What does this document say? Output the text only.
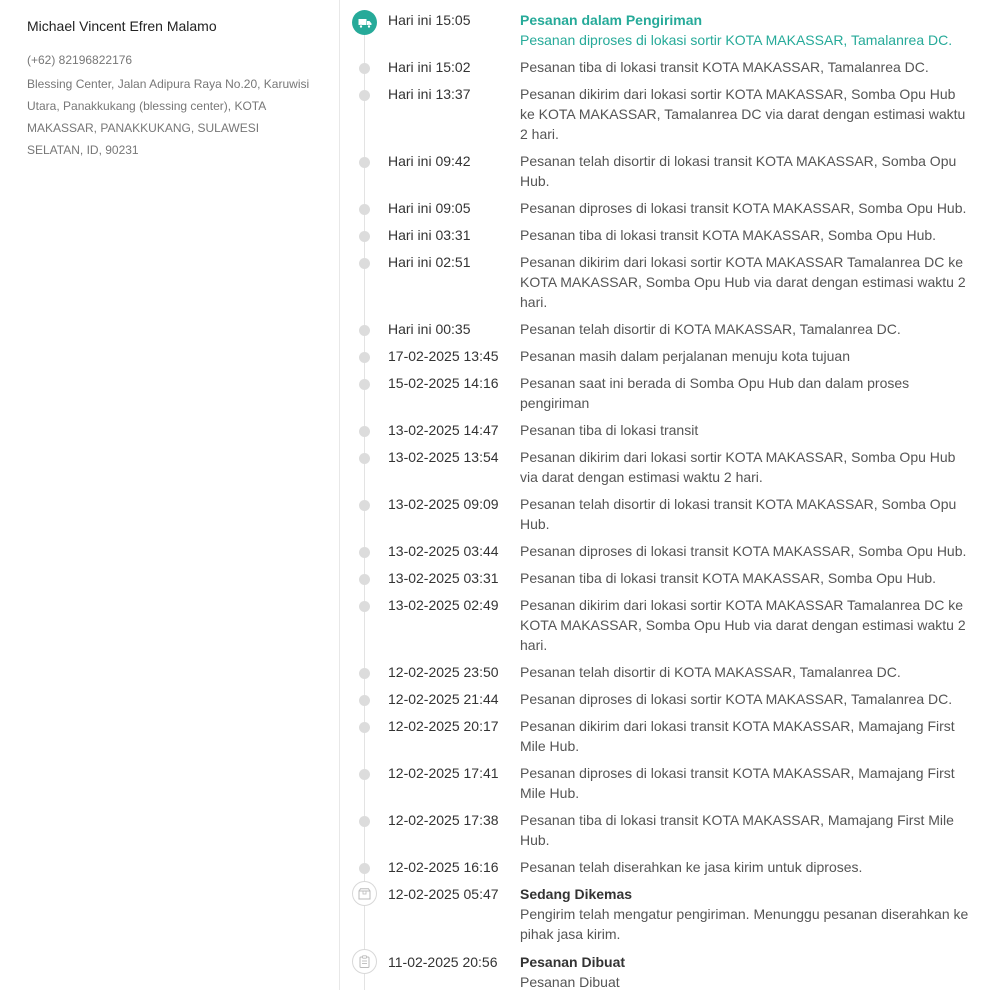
Michael Vincent Efren Malamo
(+62) 82196822176
Blessing Center, Jalan Adipura Raya No.20, Karuwisi Utara, Panakkukang (blessing center), KOTA MAKASSAR, PANAKKUKANG, SULAWESI SELATAN, ID, 90231
Hari ini 15:05	Pesanan dalam Pengiriman
Pesanan diproses di lokasi sortir KOTA MAKASSAR, Tamalanrea DC.
Hari ini 15:02	Pesanan tiba di lokasi transit KOTA MAKASSAR, Tamalanrea DC.
Hari ini 13:37	Pesanan dikirim dari lokasi sortir KOTA MAKASSAR, Somba Opu Hub ke KOTA MAKASSAR, Tamalanrea DC via darat dengan estimasi waktu 2 hari.
Hari ini 09:42	Pesanan telah disortir di lokasi transit KOTA MAKASSAR, Somba Opu Hub.
Hari ini 09:05	Pesanan diproses di lokasi transit KOTA MAKASSAR, Somba Opu Hub.
Hari ini 03:31	Pesanan tiba di lokasi transit KOTA MAKASSAR, Somba Opu Hub.
Hari ini 02:51	Pesanan dikirim dari lokasi sortir KOTA MAKASSAR Tamalanrea DC ke KOTA MAKASSAR, Somba Opu Hub via darat dengan estimasi waktu 2 hari.
Hari ini 00:35	Pesanan telah disortir di KOTA MAKASSAR, Tamalanrea DC.
17-02-2025 13:45	Pesanan masih dalam perjalanan menuju kota tujuan
15-02-2025 14:16	Pesanan saat ini berada di Somba Opu Hub dan dalam proses pengiriman
13-02-2025 14:47	Pesanan tiba di lokasi transit
13-02-2025 13:54	Pesanan dikirim dari lokasi sortir KOTA MAKASSAR, Somba Opu Hub via darat dengan estimasi waktu 2 hari.
13-02-2025 09:09	Pesanan telah disortir di lokasi transit KOTA MAKASSAR, Somba Opu Hub.
13-02-2025 03:44	Pesanan diproses di lokasi transit KOTA MAKASSAR, Somba Opu Hub.
13-02-2025 03:31	Pesanan tiba di lokasi transit KOTA MAKASSAR, Somba Opu Hub.
13-02-2025 02:49	Pesanan dikirim dari lokasi sortir KOTA MAKASSAR Tamalanrea DC ke KOTA MAKASSAR, Somba Opu Hub via darat dengan estimasi waktu 2 hari.
12-02-2025 23:50	Pesanan telah disortir di KOTA MAKASSAR, Tamalanrea DC.
12-02-2025 21:44	Pesanan diproses di lokasi sortir KOTA MAKASSAR, Tamalanrea DC.
12-02-2025 20:17	Pesanan dikirim dari lokasi transit KOTA MAKASSAR, Mamajang First Mile Hub.
12-02-2025 17:41	Pesanan diproses di lokasi transit KOTA MAKASSAR, Mamajang First Mile Hub.
12-02-2025 17:38	Pesanan tiba di lokasi transit KOTA MAKASSAR, Mamajang First Mile Hub.
12-02-2025 16:16	Pesanan telah diserahkan ke jasa kirim untuk diproses.
12-02-2025 05:47	Sedang Dikemas
Pengirim telah mengatur pengiriman. Menunggu pesanan diserahkan ke pihak jasa kirim.
11-02-2025 20:56	Pesanan Dibuat
Pesanan Dibuat
